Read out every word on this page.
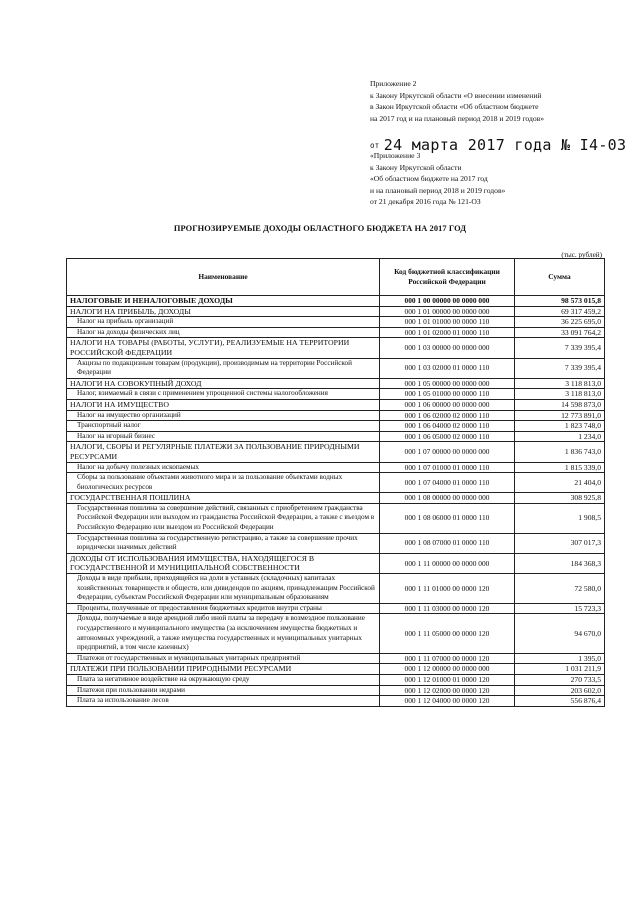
Приложение 2
к Закону Иркутской области «О внесении изменений
в Закон Иркутской области «Об областном бюджете
на 2017 год и на плановый период 2018 и 2019 годов»
от 24 марта 2017 года № I4-03
«Приложение 3
к Закону Иркутской области
«Об областном бюджете на 2017 год
и на плановый период 2018 и 2019 годов»
от 21 декабря 2016 года № 121-ОЗ
ПРОГНОЗИРУЕМЫЕ ДОХОДЫ ОБЛАСТНОГО БЮДЖЕТА НА 2017 ГОД
(тыс. рублей)
Наименование	Код бюджетной классификации Российской Федерации	Сумма
НАЛОГОВЫЕ И НЕНАЛОГОВЫЕ ДОХОДЫ	000 1 00 00000 00 0000 000	98 573 015,8
НАЛОГИ НА ПРИБЫЛЬ, ДОХОДЫ	000 1 01 00000 00 0000 000	69 317 459,2
Налог на прибыль организаций	000 1 01 01000 00 0000 110	36 225 695,0
Налог на доходы физических лиц	000 1 01 02000 01 0000 110	33 091 764,2
НАЛОГИ НА ТОВАРЫ (РАБОТЫ, УСЛУГИ), РЕАЛИЗУЕМЫЕ НА ТЕРРИТОРИИ РОССИЙСКОЙ ФЕДЕРАЦИИ	000 1 03 00000 00 0000 000	7 339 395,4
Акцизы по подакцизным товарам (продукции), производимым на территории Российской Федерации	000 1 03 02000 01 0000 110	7 339 395,4
НАЛОГИ НА СОВОКУПНЫЙ ДОХОД	000 1 05 00000 00 0000 000	3 118 813,0
Налог, взимаемый в связи с применением упрощенной системы налогообложения	000 1 05 01000 00 0000 110	3 118 813,0
НАЛОГИ НА ИМУЩЕСТВО	000 1 06 00000 00 0000 000	14 598 873,0
Налог на имущество организаций	000 1 06 02000 02 0000 110	12 773 891,0
Транспортный налог	000 1 06 04000 02 0000 110	1 823 748,0
Налог на игорный бизнес	000 1 06 05000 02 0000 110	1 234,0
НАЛОГИ, СБОРЫ И РЕГУЛЯРНЫЕ ПЛАТЕЖИ ЗА ПОЛЬЗОВАНИЕ ПРИРОДНЫМИ РЕСУРСАМИ	000 1 07 00000 00 0000 000	1 836 743,0
Налог на добычу полезных ископаемых	000 1 07 01000 01 0000 110	1 815 339,0
Сборы за пользование объектами животного мира и за пользование объектами водных биологических ресурсов	000 1 07 04000 01 0000 110	21 404,0
ГОСУДАРСТВЕННАЯ ПОШЛИНА	000 1 08 00000 00 0000 000	308 925,8
Государственная пошлина за совершение действий, связанных с приобретением гражданства Российской Федерации или выходом из гражданства Российской Федерации, а также с въездом в Российскую Федерацию или выездом из Российской Федерации	000 1 08 06000 01 0000 110	1 908,5
Государственная пошлина за государственную регистрацию, а также за совершение прочих юридически значимых действий	000 1 08 07000 01 0000 110	307 017,3
ДОХОДЫ ОТ ИСПОЛЬЗОВАНИЯ ИМУЩЕСТВА, НАХОДЯЩЕГОСЯ В ГОСУДАРСТВЕННОЙ И МУНИЦИПАЛЬНОЙ СОБСТВЕННОСТИ	000 1 11 00000 00 0000 000	184 368,3
Доходы в виде прибыли, приходящейся на доли в уставных (складочных) капиталах хозяйственных товариществ и обществ, или дивидендов по акциям, принадлежащим Российской Федерации, субъектам Российской Федерации или муниципальным образованиям	000 1 11 01000 00 0000 120	72 580,0
Проценты, полученные от предоставления бюджетных кредитов внутри страны	000 1 11 03000 00 0000 120	15 723,3
Доходы, получаемые в виде арендной либо иной платы за передачу в возмездное пользование государственного и муниципального имущества (за исключением имущества бюджетных и автономных учреждений, а также имущества государственных и муниципальных унитарных предприятий, в том числе казенных)	000 1 11 05000 00 0000 120	94 670,0
Платежи от государственных и муниципальных унитарных предприятий	000 1 11 07000 00 0000 120	1 395,0
ПЛАТЕЖИ ПРИ ПОЛЬЗОВАНИИ ПРИРОДНЫМИ РЕСУРСАМИ	000 1 12 00000 00 0000 000	1 031 211,9
Плата за негативное воздействие на окружающую среду	000 1 12 01000 01 0000 120	270 733,5
Платежи при пользовании недрами	000 1 12 02000 00 0000 120	203 602,0
Плата за использование лесов	000 1 12 04000 00 0000 120	556 876,4
